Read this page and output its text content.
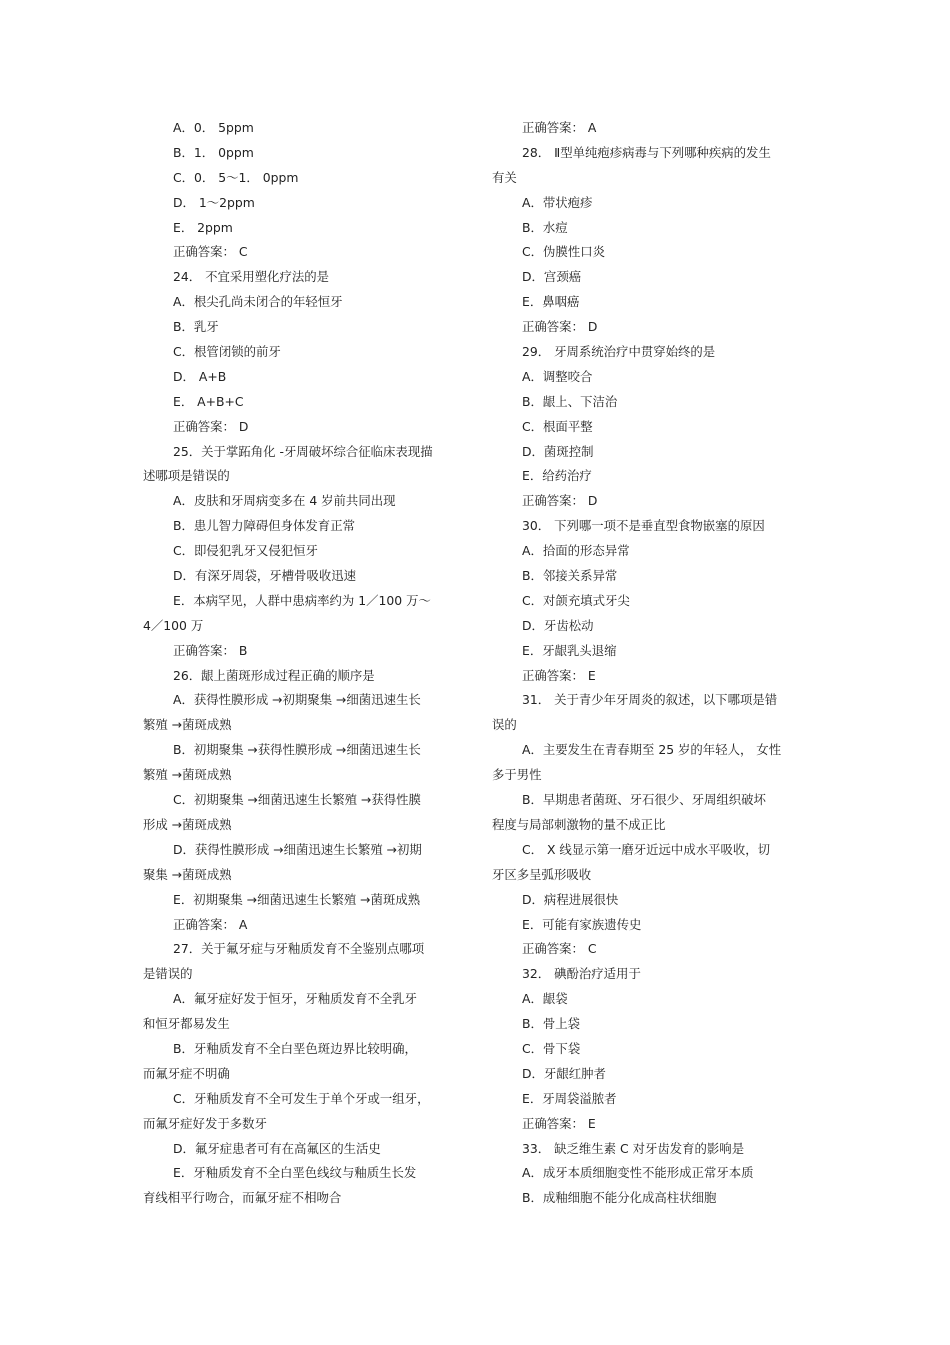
A．0． 5ppm
B．1． 0ppm
C．0． 5～1． 0ppm
D． 1～2ppm
E． 2ppm
正确答案： C
24． 不宜采用塑化疗法的是
A．根尖孔尚未闭合的年轻恒牙
B．乳牙
C．根管闭锁的前牙
D． A+B
E． A+B+C
正确答案： D
25．关于掌跖角化 -牙周破坏综合征临床表现描
述哪项是错误的
A．皮肤和牙周病变多在 4 岁前共同出现
B．患儿智力障碍但身体发育正常
C．即侵犯乳牙又侵犯恒牙
D．有深牙周袋，牙槽骨吸收迅速
E．本病罕见，人群中患病率约为 1／100 万～
4／100 万
正确答案： B
26．龈上菌斑形成过程正确的顺序是
A．获得性膜形成 →初期聚集 →细菌迅速生长
繁殖 →菌斑成熟
B．初期聚集 →获得性膜形成 →细菌迅速生长
繁殖 →菌斑成熟
C．初期聚集 →细菌迅速生长繁殖 →获得性膜
形成 →菌斑成熟
D．获得性膜形成 →细菌迅速生长繁殖 →初期
聚集 →菌斑成熟
E．初期聚集 →细菌迅速生长繁殖 →菌斑成熟
正确答案： A
27．关于氟牙症与牙釉质发育不全鉴别点哪项
是错误的
A．氟牙症好发于恒牙，牙釉质发育不全乳牙
和恒牙都易发生
B．牙釉质发育不全白垩色斑边界比较明确，
而氟牙症不明确
C．牙釉质发育不全可发生于单个牙或一组牙，
而氟牙症好发于多数牙
D．氟牙症患者可有在高氟区的生活史
E．牙釉质发育不全白垩色线纹与釉质生长发
育线相平行吻合，而氟牙症不相吻合
正确答案： A
28． Ⅱ型单纯疱疹病毒与下列哪种疾病的发生
有关
A．带状疱疹
B．水痘
C．伪膜性口炎
D．宫颈癌
E．鼻咽癌
正确答案： D
29． 牙周系统治疗中贯穿始终的是
A．调整咬合
B．龈上、下洁治
C．根面平整
D．菌斑控制
E．给药治疗
正确答案： D
30． 下列哪一项不是垂直型食物嵌塞的原因
A．拾面的形态异常
B．邻接关系异常
C．对颌充填式牙尖
D．牙齿松动
E．牙龈乳头退缩
正确答案： E
31． 关于青少年牙周炎的叙述，以下哪项是错
误的
A．主要发生在青春期至 25 岁的年轻人， 女性
多于男性
B．早期患者菌斑、牙石很少、牙周组织破坏
程度与局部刺激物的量不成正比
C． X 线显示第一磨牙近远中成水平吸收，切
牙区多呈弧形吸收
D．病程进展很快
E．可能有家族遗传史
正确答案： C
32． 碘酚治疗适用于
A．龈袋
B．骨上袋
C．骨下袋
D．牙龈红肿者
E．牙周袋溢脓者
正确答案： E
33． 缺乏维生素 C 对牙齿发育的影响是
A．成牙本质细胞变性不能形成正常牙本质
B．成釉细胞不能分化成高柱状细胞
